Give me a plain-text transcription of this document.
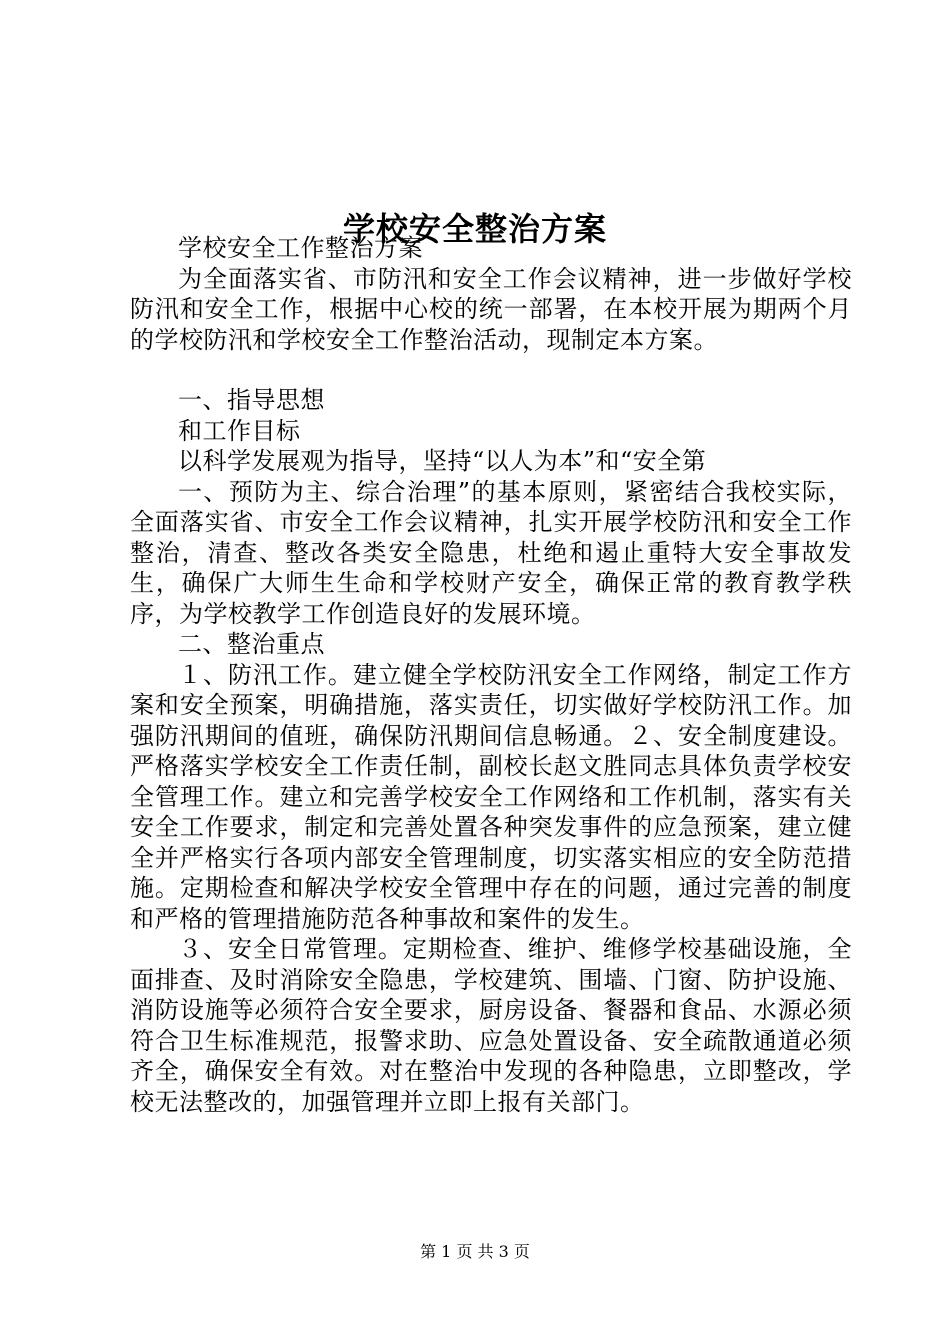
学校安全整治方案

学校安全工作整治方案

为全面落实省、市防汛和安全工作会议精神，进一步做好学校防汛和安全工作，根据中心校的统一部署，在本校开展为期两个月的学校防汛和学校安全工作整治活动，现制定本方案。

一、指导思想

和工作目标

以科学发展观为指导，坚持“以人为本”和“安全第

一、预防为主、综合治理”的基本原则，紧密结合我校实际，全面落实省、市安全工作会议精神，扎实开展学校防汛和安全工作整治，清查、整改各类安全隐患，杜绝和遏止重特大安全事故发生，确保广大师生生命和学校财产安全，确保正常的教育教学秩序，为学校教学工作创造良好的发展环境。

二、整治重点

１、防汛工作。建立健全学校防汛安全工作网络，制定工作方案和安全预案，明确措施，落实责任，切实做好学校防汛工作。加强防汛期间的值班，确保防汛期间信息畅通。２、安全制度建设。严格落实学校安全工作责任制，副校长赵文胜同志具体负责学校安全管理工作。建立和完善学校安全工作网络和工作机制，落实有关安全工作要求，制定和完善处置各种突发事件的应急预案，建立健全并严格实行各项内部安全管理制度，切实落实相应的安全防范措施。定期检查和解决学校安全管理中存在的问题，通过完善的制度和严格的管理措施防范各种事故和案件的发生。

３、安全日常管理。定期检查、维护、维修学校基础设施，全面排查、及时消除安全隐患，学校建筑、围墙、门窗、防护设施、消防设施等必须符合安全要求，厨房设备、餐器和食品、水源必须符合卫生标准规范，报警求助、应急处置设备、安全疏散通道必须齐全，确保安全有效。对在整治中发现的各种隐患，立即整改，学校无法整改的，加强管理并立即上报有关部门。

第 1 页 共 3 页
